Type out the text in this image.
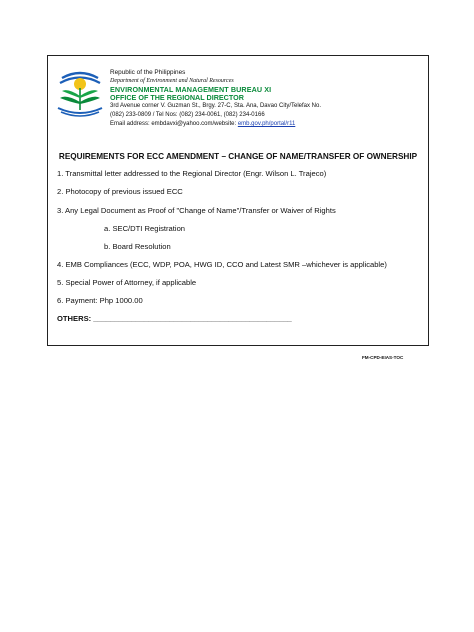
Republic of the Philippines
Department of Environment and Natural Resources
ENVIRONMENTAL MANAGEMENT BUREAU XI
OFFICE OF THE REGIONAL DIRECTOR
3rd Avenue corner V. Guzman St., Brgy. 27-C, Sta. Ana, Davao City/Telefax No.
(082) 233-0809 / Tel Nos: (082) 234-0061, (082) 234-0166
Email address: embdavxi@yahoo.com/website: emb.gov.ph/portal/r11
REQUIREMENTS FOR ECC AMENDMENT – CHANGE OF NAME/TRANSFER OF OWNERSHIP
1. Transmittal letter addressed to the Regional Director (Engr. Wilson L. Trajeco)
2. Photocopy of previous issued ECC
3. Any Legal Document as Proof of "Change of Name"/Transfer or Waiver of Rights
a. SEC/DTI Registration
b. Board Resolution
4. EMB Compliances (ECC, WDP, POA, HWG ID, CCO and Latest SMR –whichever is applicable)
5. Special Power of Attorney, if applicable
6. Payment: Php 1000.00
OTHERS: _______________________________________________
FM-CPD-EIAS-TOC
